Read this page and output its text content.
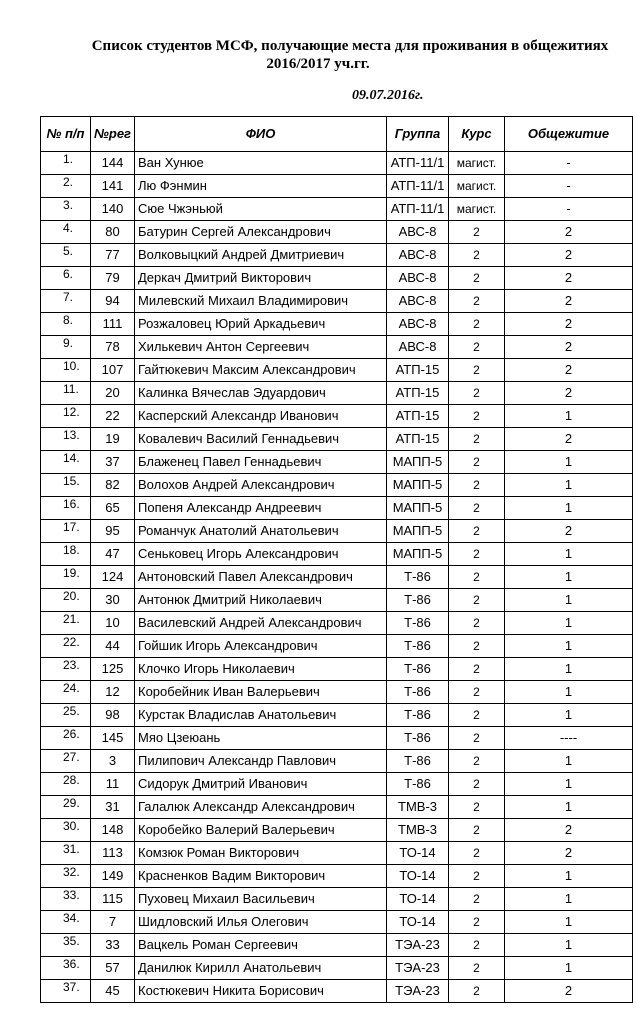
Список студентов МСФ, получающие места для проживания в общежитиях
2016/2017 уч.гг.
09.07.2016г.
№ п/п	№рег	ФИО	Группа	Курс	Общежитие
1.	144	Ван Хунюе	АТП-11/1	магист.	-
2.	141	Лю Фэнмин	АТП-11/1	магист.	-
3.	140	Сюе Чжэньюй	АТП-11/1	магист.	-
4.	80	Батурин Сергей Александрович	АВС-8	2	2
5.	77	Волковыцкий Андрей Дмитриевич	АВС-8	2	2
6.	79	Деркач Дмитрий Викторович	АВС-8	2	2
7.	94	Милевский Михаил Владимирович	АВС-8	2	2
8.	111	Розжаловец Юрий Аркадьевич	АВС-8	2	2
9.	78	Хилькевич Антон Сергеевич	АВС-8	2	2
10.	107	Гайтюкевич Максим Александрович	АТП-15	2	2
11.	20	Калинка Вячеслав Эдуардович	АТП-15	2	2
12.	22	Касперский Александр Иванович	АТП-15	2	1
13.	19	Ковалевич Василий Геннадьевич	АТП-15	2	2
14.	37	Блаженец Павел Геннадьевич	МАПП-5	2	1
15.	82	Волохов Андрей Александрович	МАПП-5	2	1
16.	65	Попеня Александр Андреевич	МАПП-5	2	1
17.	95	Романчук Анатолий Анатольевич	МАПП-5	2	2
18.	47	Сеньковец Игорь Александрович	МАПП-5	2	1
19.	124	Антоновский Павел Александрович	Т-86	2	1
20.	30	Антонюк Дмитрий Николаевич	Т-86	2	1
21.	10	Василевский Андрей Александрович	Т-86	2	1
22.	44	Гойшик Игорь Александрович	Т-86	2	1
23.	125	Клочко Игорь Николаевич	Т-86	2	1
24.	12	Коробейник Иван Валерьевич	Т-86	2	1
25.	98	Курстак Владислав Анатольевич	Т-86	2	1
26.	145	Мяо Цзеюань	Т-86	2	----
27.	3	Пилипович Александр Павлович	Т-86	2	1
28.	11	Сидорук Дмитрий Иванович	Т-86	2	1
29.	31	Галалюк Александр Александрович	ТМВ-3	2	1
30.	148	Коробейко Валерий Валерьевич	ТМВ-3	2	2
31.	113	Комзюк Роман Викторович	ТО-14	2	2
32.	149	Красненков Вадим Викторович	ТО-14	2	1
33.	115	Пуховец Михаил Васильевич	ТО-14	2	1
34.	7	Шидловский Илья Олегович	ТО-14	2	1
35.	33	Вацкель Роман Сергеевич	ТЭА-23	2	1
36.	57	Данилюк Кирилл Анатольевич	ТЭА-23	2	1
37.	45	Костюкевич Никита Борисович	ТЭА-23	2	2
